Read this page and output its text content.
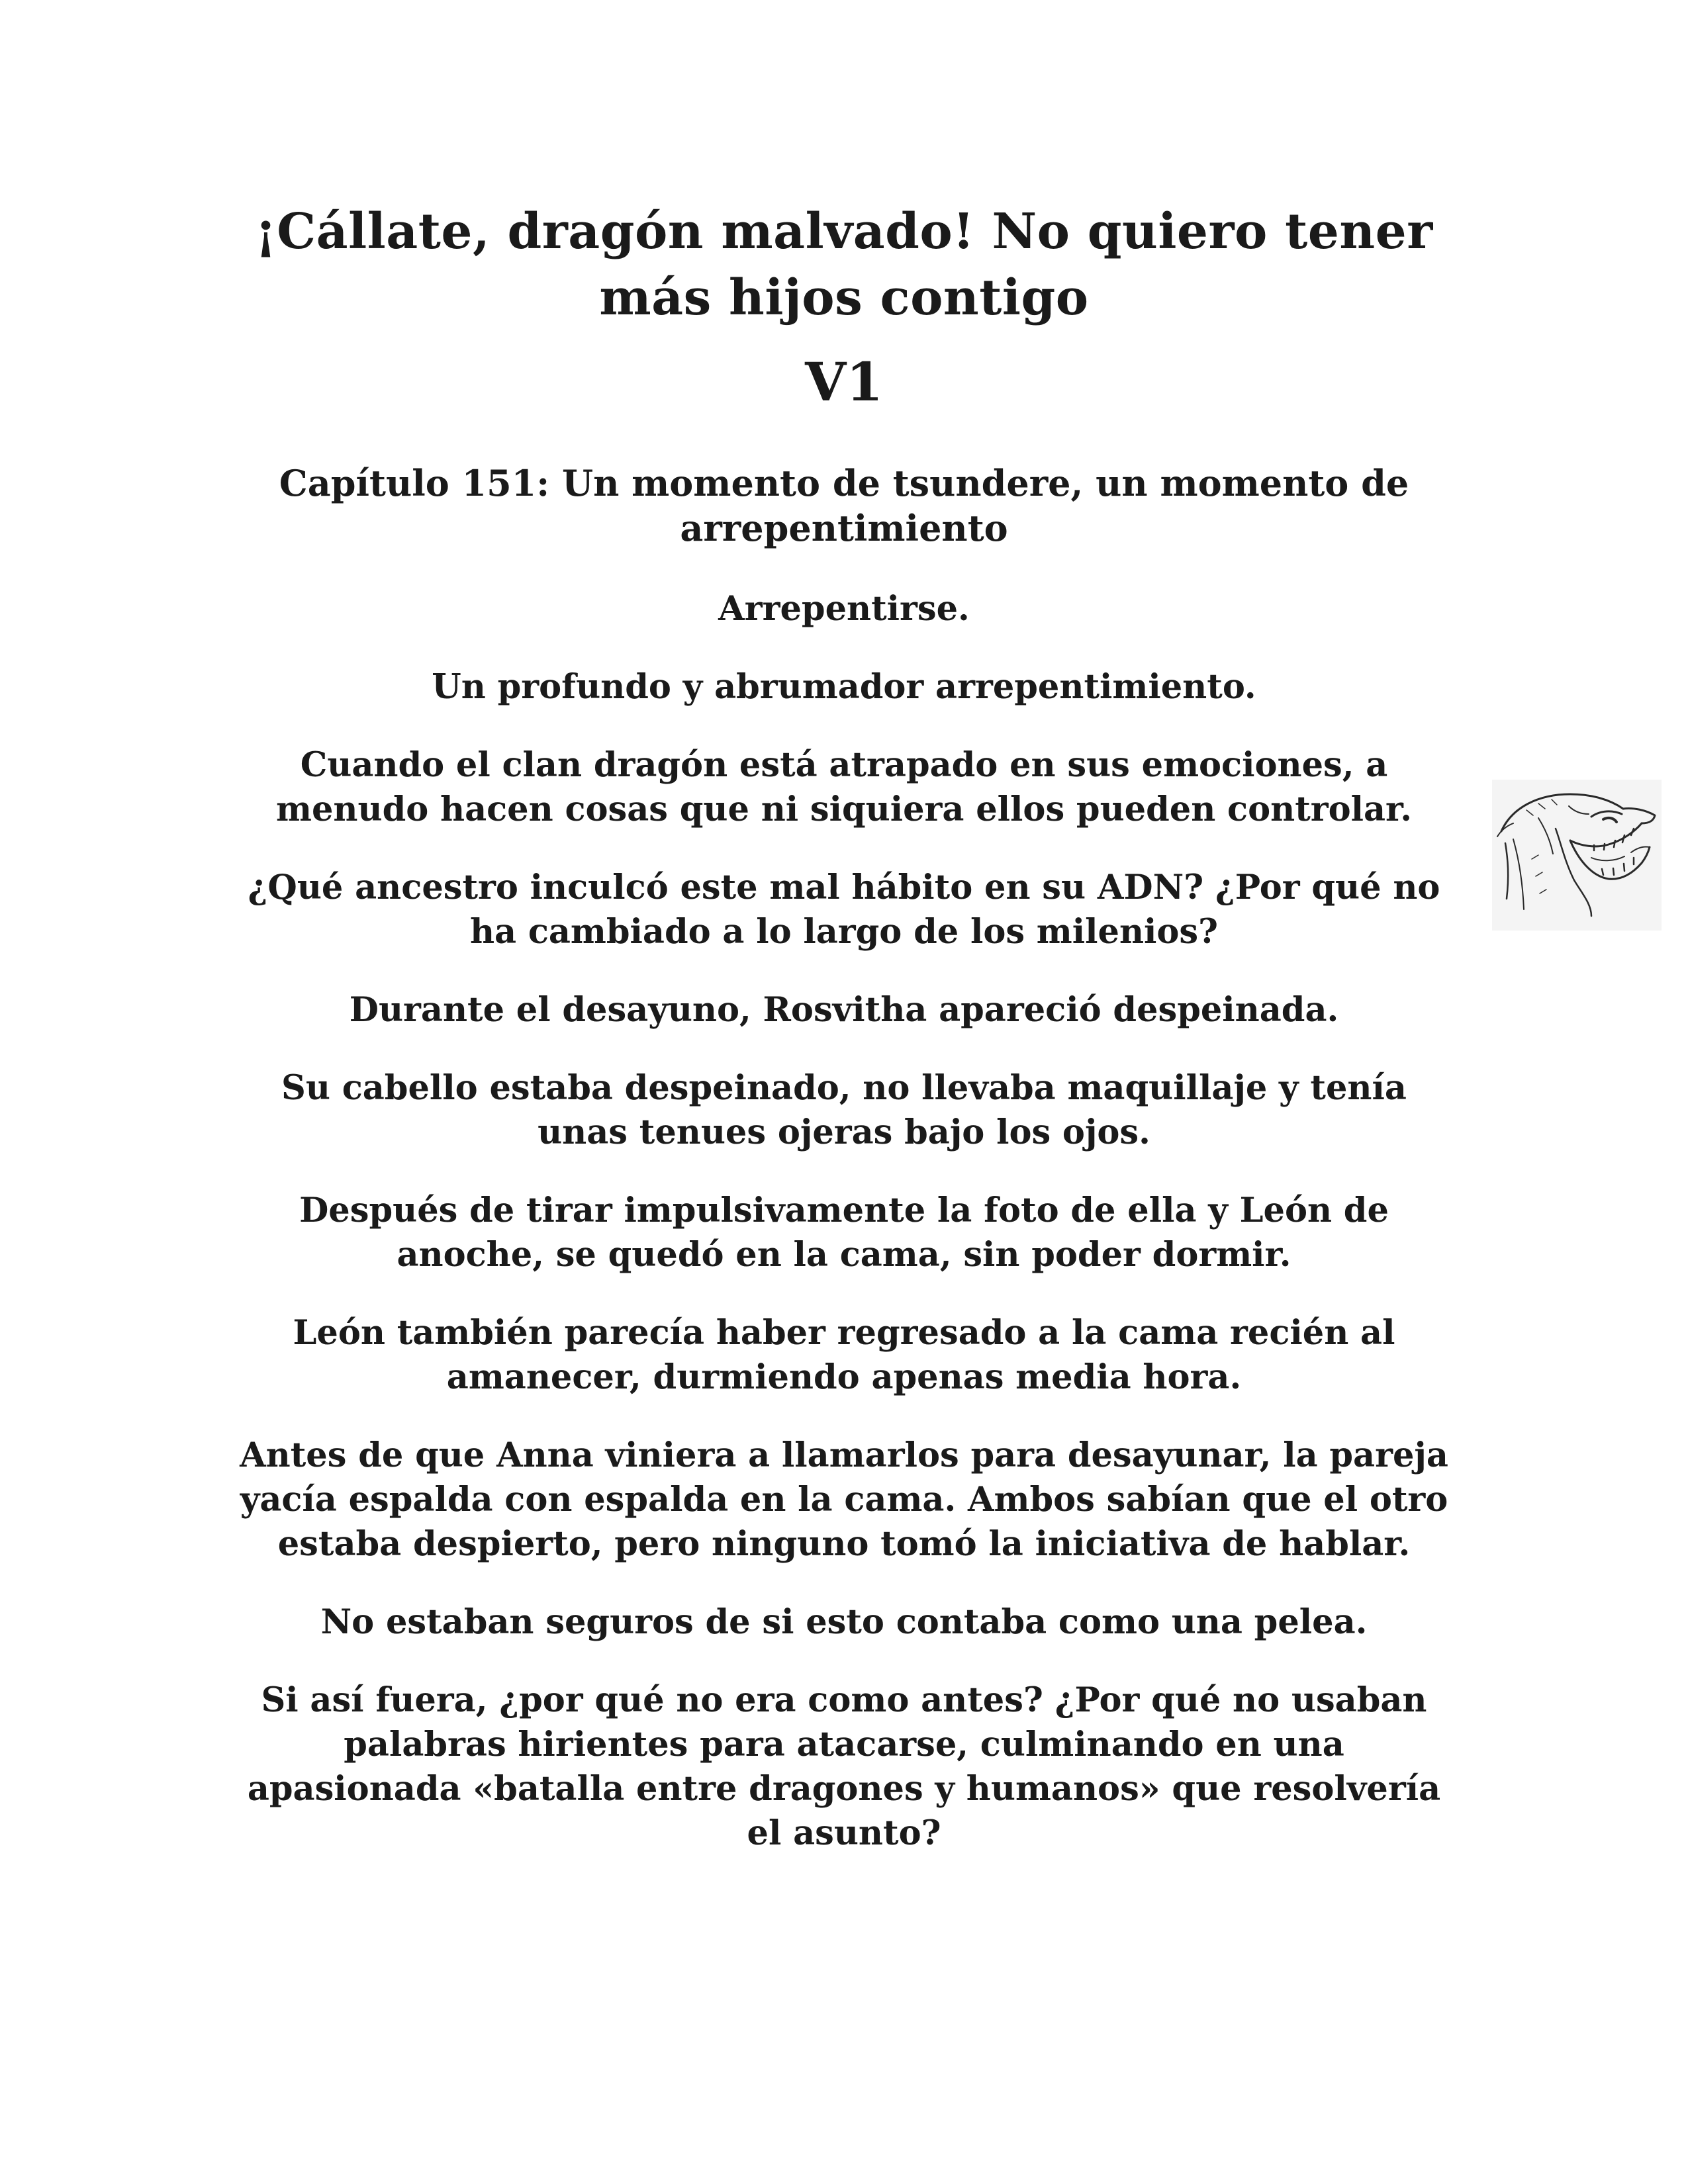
¡Cállate, dragón malvado! No quiero tener más hijos contigo
V1
Capítulo 151: Un momento de tsundere, un momento de arrepentimiento

Arrepentirse.

Un profundo y abrumador arrepentimiento.

Cuando el clan dragón está atrapado en sus emociones, a menudo hacen cosas que ni siquiera ellos pueden controlar.

¿Qué ancestro inculcó este mal hábito en su ADN? ¿Por qué no ha cambiado a lo largo de los milenios?

Durante el desayuno, Rosvitha apareció despeinada.

Su cabello estaba despeinado, no llevaba maquillaje y tenía unas tenues ojeras bajo los ojos.

Después de tirar impulsivamente la foto de ella y León de anoche, se quedó en la cama, sin poder dormir.

León también parecía haber regresado a la cama recién al amanecer, durmiendo apenas media hora.

Antes de que Anna viniera a llamarlos para desayunar, la pareja yacía espalda con espalda en la cama. Ambos sabían que el otro estaba despierto, pero ninguno tomó la iniciativa de hablar.

No estaban seguros de si esto contaba como una pelea.

Si así fuera, ¿por qué no era como antes? ¿Por qué no usaban palabras hirientes para atacarse, culminando en una apasionada «batalla entre dragones y humanos» que resolvería el asunto?
